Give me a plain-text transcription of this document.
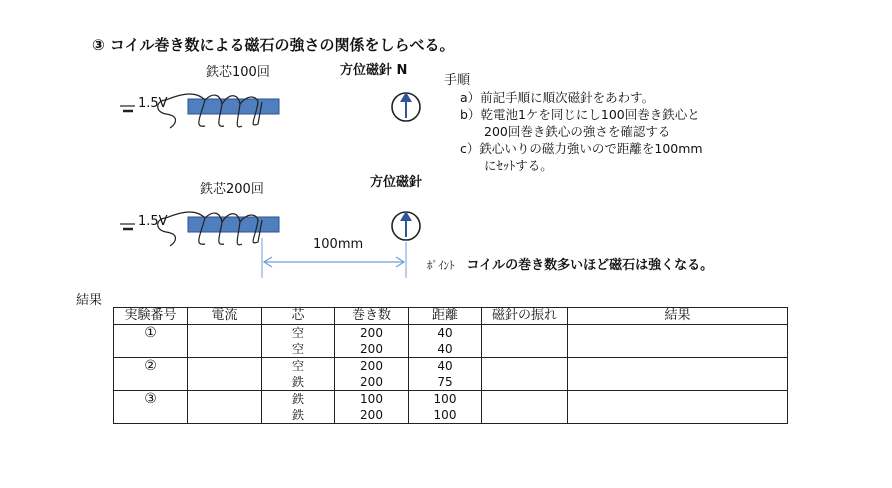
③ コイル巻き数による磁石の強さの関係をしらべる。
鉄芯100回
1.5V
方位磁針 N
鉄芯200回
1.5V
方位磁針
100mm
手順
a）前記手順に順次磁針をあわす。
b）乾電池1ケを同じにし100回巻き鉄心と
200回巻き鉄心の強さを確認する
c）鉄心いりの磁力強いので距離を100mm
にｾｯﾄする。
ﾎﾟｲﾝﾄ コイルの巻き数多いほど磁石は強くなる。
結果
実験番号	電流	芯	巻き数	距離	磁針の振れ	結果
①		空	200	40		
		空	200	40		
②		空	200	40		
		鉄	200	75		
③		鉄	100	100		
		鉄	200	100		
